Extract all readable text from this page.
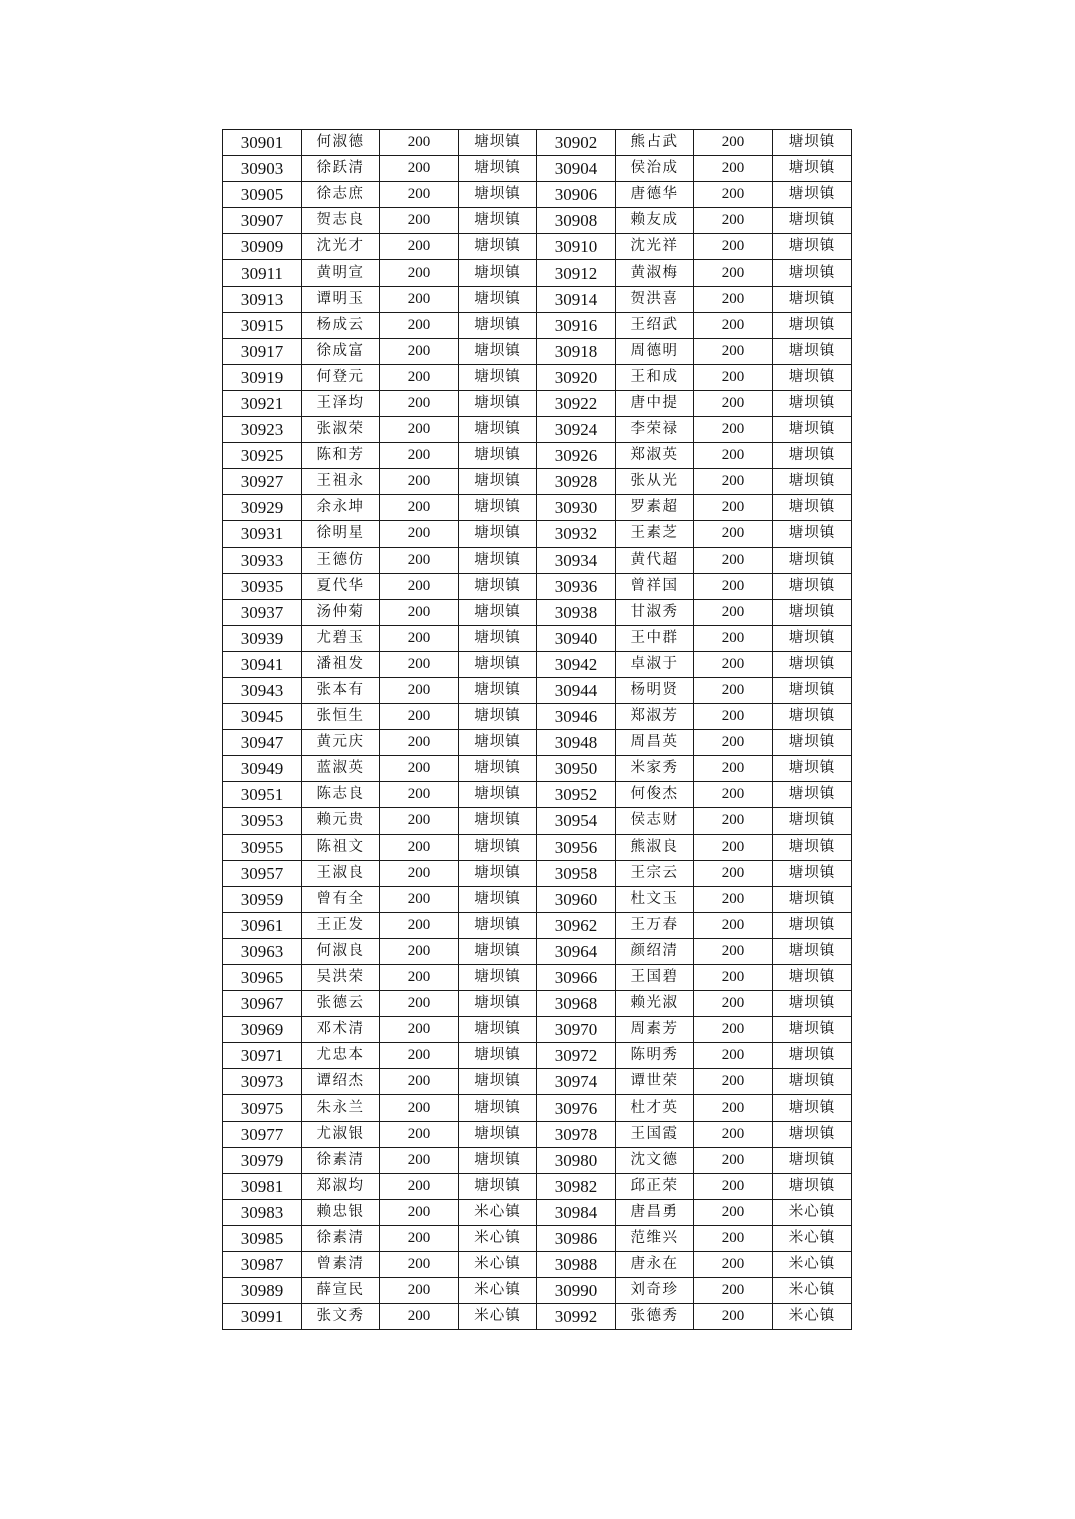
30901	何淑德	200	塘坝镇	30902	熊占武	200	塘坝镇
30903	徐跃清	200	塘坝镇	30904	侯治成	200	塘坝镇
30905	徐志庶	200	塘坝镇	30906	唐德华	200	塘坝镇
30907	贺志良	200	塘坝镇	30908	赖友成	200	塘坝镇
30909	沈光才	200	塘坝镇	30910	沈光祥	200	塘坝镇
30911	黄明宣	200	塘坝镇	30912	黄淑梅	200	塘坝镇
30913	谭明玉	200	塘坝镇	30914	贺洪喜	200	塘坝镇
30915	杨成云	200	塘坝镇	30916	王绍武	200	塘坝镇
30917	徐成富	200	塘坝镇	30918	周德明	200	塘坝镇
30919	何登元	200	塘坝镇	30920	王和成	200	塘坝镇
30921	王泽均	200	塘坝镇	30922	唐中提	200	塘坝镇
30923	张淑荣	200	塘坝镇	30924	李荣禄	200	塘坝镇
30925	陈和芳	200	塘坝镇	30926	郑淑英	200	塘坝镇
30927	王祖永	200	塘坝镇	30928	张从光	200	塘坝镇
30929	余永坤	200	塘坝镇	30930	罗素超	200	塘坝镇
30931	徐明星	200	塘坝镇	30932	王素芝	200	塘坝镇
30933	王德仿	200	塘坝镇	30934	黄代超	200	塘坝镇
30935	夏代华	200	塘坝镇	30936	曾祥国	200	塘坝镇
30937	汤仲菊	200	塘坝镇	30938	甘淑秀	200	塘坝镇
30939	尤碧玉	200	塘坝镇	30940	王中群	200	塘坝镇
30941	潘祖发	200	塘坝镇	30942	卓淑于	200	塘坝镇
30943	张本有	200	塘坝镇	30944	杨明贤	200	塘坝镇
30945	张恒生	200	塘坝镇	30946	郑淑芳	200	塘坝镇
30947	黄元庆	200	塘坝镇	30948	周昌英	200	塘坝镇
30949	蓝淑英	200	塘坝镇	30950	米家秀	200	塘坝镇
30951	陈志良	200	塘坝镇	30952	何俊杰	200	塘坝镇
30953	赖元贵	200	塘坝镇	30954	侯志财	200	塘坝镇
30955	陈祖文	200	塘坝镇	30956	熊淑良	200	塘坝镇
30957	王淑良	200	塘坝镇	30958	王宗云	200	塘坝镇
30959	曾有全	200	塘坝镇	30960	杜文玉	200	塘坝镇
30961	王正发	200	塘坝镇	30962	王万春	200	塘坝镇
30963	何淑良	200	塘坝镇	30964	颜绍清	200	塘坝镇
30965	吴洪荣	200	塘坝镇	30966	王国碧	200	塘坝镇
30967	张德云	200	塘坝镇	30968	赖光淑	200	塘坝镇
30969	邓术清	200	塘坝镇	30970	周素芳	200	塘坝镇
30971	尤忠本	200	塘坝镇	30972	陈明秀	200	塘坝镇
30973	谭绍杰	200	塘坝镇	30974	谭世荣	200	塘坝镇
30975	朱永兰	200	塘坝镇	30976	杜才英	200	塘坝镇
30977	尤淑银	200	塘坝镇	30978	王国霞	200	塘坝镇
30979	徐素清	200	塘坝镇	30980	沈文德	200	塘坝镇
30981	郑淑均	200	塘坝镇	30982	邱正荣	200	塘坝镇
30983	赖忠银	200	米心镇	30984	唐昌勇	200	米心镇
30985	徐素清	200	米心镇	30986	范维兴	200	米心镇
30987	曾素清	200	米心镇	30988	唐永在	200	米心镇
30989	薛宣民	200	米心镇	30990	刘奇珍	200	米心镇
30991	张文秀	200	米心镇	30992	张德秀	200	米心镇
